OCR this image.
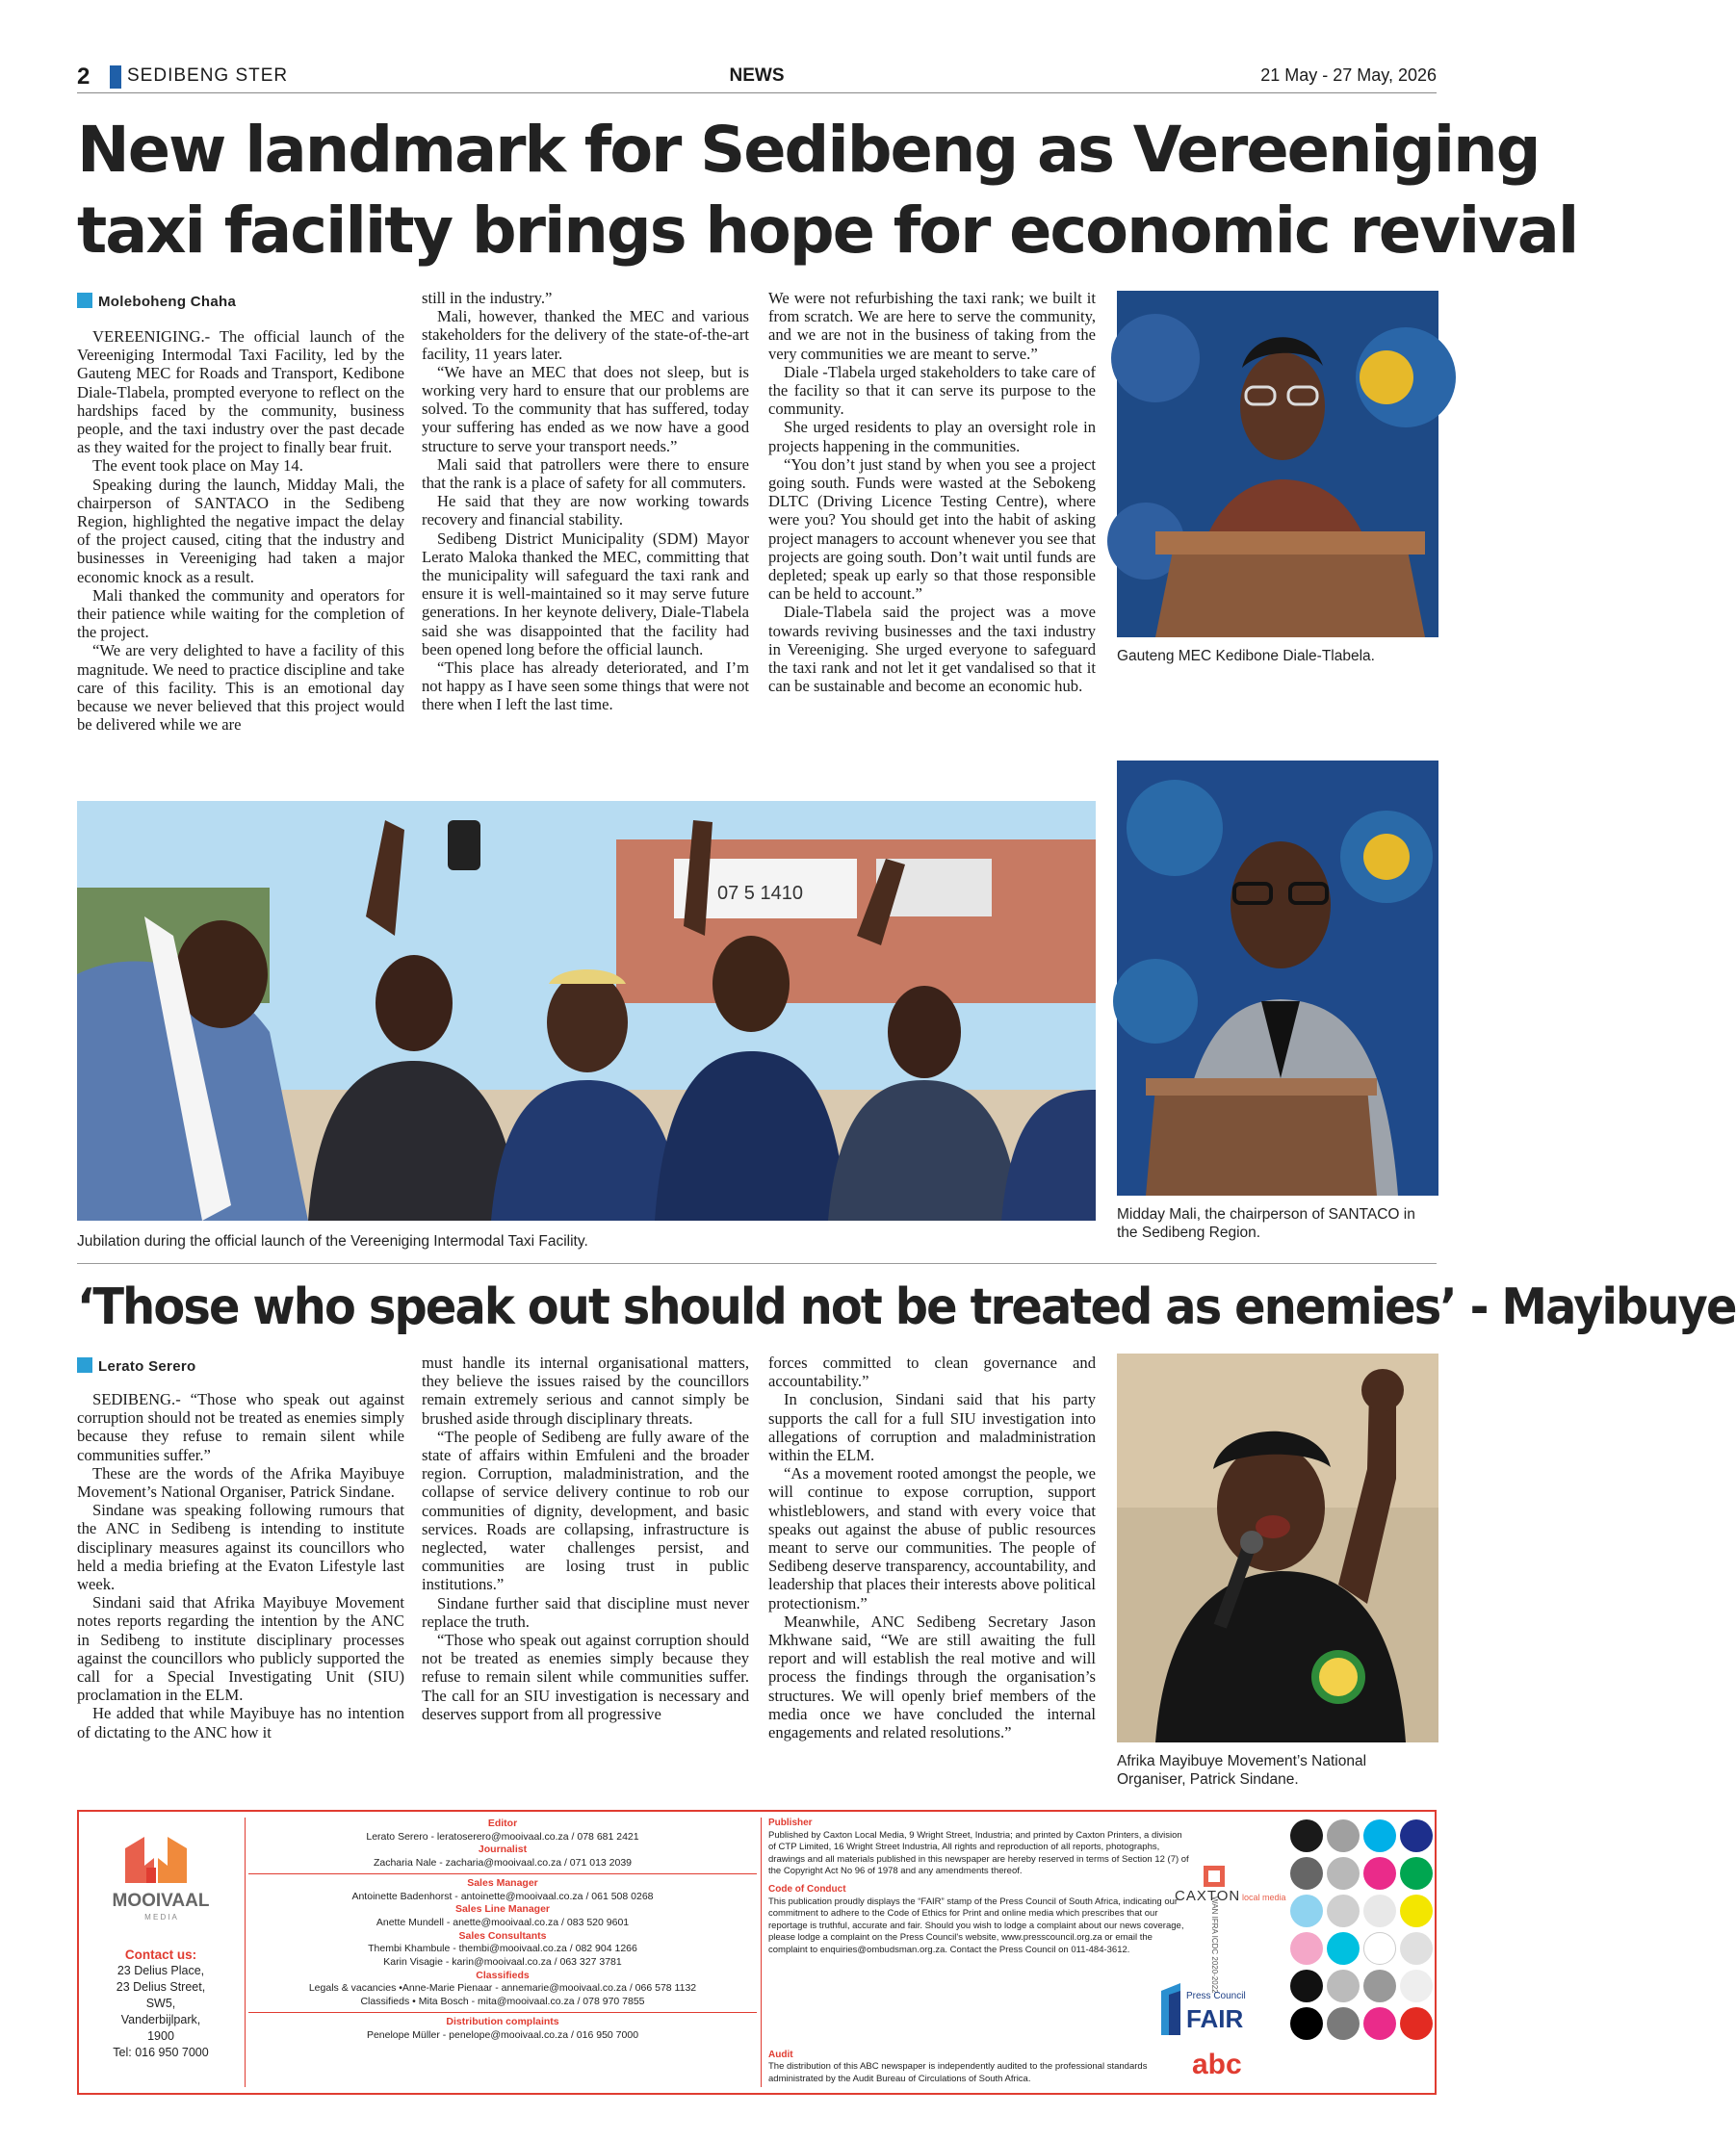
2 SEDIBENG STER	NEWS	21 May - 27 May, 2026
New landmark for Sedibeng as Vereeniging
taxi facility brings hope for economic revival
Moleboheng Chaha

VEREENIGING.- The official launch of the Vereeniging Intermodal Taxi Facility, led by the Gauteng MEC for Roads and Transport, Kedibone Diale-Tlabela, prompted everyone to reflect on the hardships faced by the community, business people, and the taxi industry over the past decade as they waited for the project to finally bear fruit.

The event took place on May 14.

Speaking during the launch, Midday Mali, the chairperson of SANTACO in the Sedibeng Region, highlighted the negative impact the delay of the project caused, citing that the industry and businesses in Vereeniging had taken a major economic knock as a result.

Mali thanked the community and operators for their patience while waiting for the completion of the project.

“We are very delighted to have a facility of this magnitude. We need to practice discipline and take care of this facility. This is an emotional day because we never believed that this project would be delivered while we are

still in the industry.”

Mali, however, thanked the MEC and various stakeholders for the delivery of the state-of-the-art facility, 11 years later.

“We have an MEC that does not sleep, but is working very hard to ensure that our problems are solved. To the community that has suffered, today your suffering has ended as we now have a good structure to serve your transport needs.”

Mali said that patrollers were there to ensure that the rank is a place of safety for all commuters.

He said that they are now working towards recovery and financial stability.

Sedibeng District Municipality (SDM) Mayor Lerato Maloka thanked the MEC, committing that the municipality will safeguard the taxi rank and ensure it is well-maintained so it may serve future generations. In her keynote delivery, Diale-Tlabela said she was disappointed that the facility had been opened long before the official launch.

“This place has already deteriorated, and I’m not happy as I have seen some things that were not there when I left the last time.

We were not refurbishing the taxi rank; we built it from scratch. We are here to serve the community, and we are not in the business of taking from the very communities we are meant to serve.”

Diale -Tlabela urged stakeholders to take care of the facility so that it can serve its purpose to the community.

She urged residents to play an oversight role in projects happening in the communities.

“You don’t just stand by when you see a project going south. Funds were wasted at the Sebokeng DLTC (Driving Licence Testing Centre), where were you? You should get into the habit of asking project managers to account whenever you see that projects are going south. Don’t wait until funds are depleted; speak up early so that those responsible can be held to account.”

Diale-Tlabela said the project was a move towards reviving businesses and the taxi industry in Vereeniging. She urged everyone to safeguard the taxi rank and not let it get vandalised so that it can be sustainable and become an economic hub.

Gauteng MEC Kedibone Diale-Tlabela.
Midday Mali, the chairperson of SANTACO in the Sedibeng Region.
07 5 1410
Jubilation during the official launch of the Vereeniging Intermodal Taxi Facility.
‘Those who speak out should not be treated as enemies’ - Mayibuye
Lerato Serero

SEDIBENG.- “Those who speak out against corruption should not be treated as enemies simply because they refuse to remain silent while communities suffer.”

These are the words of the Afrika Mayibuye Movement’s National Organiser, Patrick Sindane.

Sindane was speaking following rumours that the ANC in Sedibeng is intending to institute disciplinary measures against its councillors who held a media briefing at the Evaton Lifestyle last week.

Sindani said that Afrika Mayibuye Movement notes reports regarding the intention by the ANC in Sedibeng to institute disciplinary processes against the councillors who publicly supported the call for a Special Investigating Unit (SIU) proclamation in the ELM.

He added that while Mayibuye has no intention of dictating to the ANC how it

must handle its internal organisational matters, they believe the issues raised by the councillors remain extremely serious and cannot simply be brushed aside through disciplinary threats.

“The people of Sedibeng are fully aware of the state of affairs within Emfuleni and the broader region. Corruption, maladministration, and the collapse of service delivery continue to rob our communities of dignity, development, and basic services. Roads are collapsing, infrastructure is neglected, water challenges persist, and communities are losing trust in public institutions.”

Sindane further said that discipline must never replace the truth.

“Those who speak out against corruption should not be treated as enemies simply because they refuse to remain silent while communities suffer. The call for an SIU investigation is necessary and deserves support from all progressive

forces committed to clean governance and accountability.”

In conclusion, Sindani said that his party supports the call for a full SIU investigation into allegations of corruption and maladministration within the ELM.

“As a movement rooted amongst the people, we will continue to expose corruption, support whistleblowers, and stand with every voice that speaks out against the abuse of public resources meant to serve our communities. The people of Sedibeng deserve transparency, accountability, and leadership that places their interests above political protectionism.”

Meanwhile, ANC Sedibeng Secretary Jason Mkhwane said, “We are still awaiting the full report and will establish the real motive and will process the findings through the organisation’s structures. We will openly brief members of the media once we have concluded the internal engagements and related resolutions.”

Afrika Mayibuye Movement’s National Organiser, Patrick Sindane.
MOOIVAAL
M E D I A
Contact us:
23 Delius Place,
23 Delius Street,
SW5,
Vanderbijlpark,
1900
Tel: 016 950 7000
Editor
Lerato Serero - leratoserero@mooivaal.co.za / 078 681 2421
Journalist
Zacharia Nale - zacharia@mooivaal.co.za / 071 013 2039
Sales Manager
Antoinette Badenhorst - antoinette@mooivaal.co.za / 061 508 0268
Sales Line Manager
Anette Mundell - anette@mooivaal.co.za / 083 520 9601
Sales Consultants
Thembi Khambule - thembi@mooivaal.co.za / 082 904 1266
Karin Visagie - karin@mooivaal.co.za / 063 327 3781
Classifieds
Legals & vacancies •Anne-Marie Pienaar - annemarie@mooivaal.co.za / 066 578 1132
Classifieds • Mita Bosch - mita@mooivaal.co.za / 078 970 7855
Distribution complaints
Penelope Müller - penelope@mooivaal.co.za / 016 950 7000
Publisher
Published by Caxton Local Media, 9 Wright Street, Industria; and printed by Caxton Printers, a division of CTP Limited, 16 Wright Street Industria, All rights and reproduction of all reports, photographs, drawings and all materials published in this newspaper are hereby reserved in terms of Section 12 (7) of the Copyright Act No 96 of 1978 and any amendments thereof.
Code of Conduct
This publication proudly displays the “FAIR” stamp of the Press Council of South Africa, indicating our commitment to adhere to the Code of Ethics for Print and online media which prescribes that our reportage is truthful, accurate and fair. Should you wish to lodge a complaint about our news coverage, please lodge a complaint on the Press Council's website, www.presscouncil.org.za or email the complaint to enquiries@ombudsman.org.za. Contact the Press Council on 011-484-3612.
Audit
The distribution of this ABC newspaper is independently audited to the professional standards administrated by the Audit Bureau of Circulations of South Africa.
CAXTON local media
WAN IFRA ICDC 2020-2022
Press Council
FAIR
abc
